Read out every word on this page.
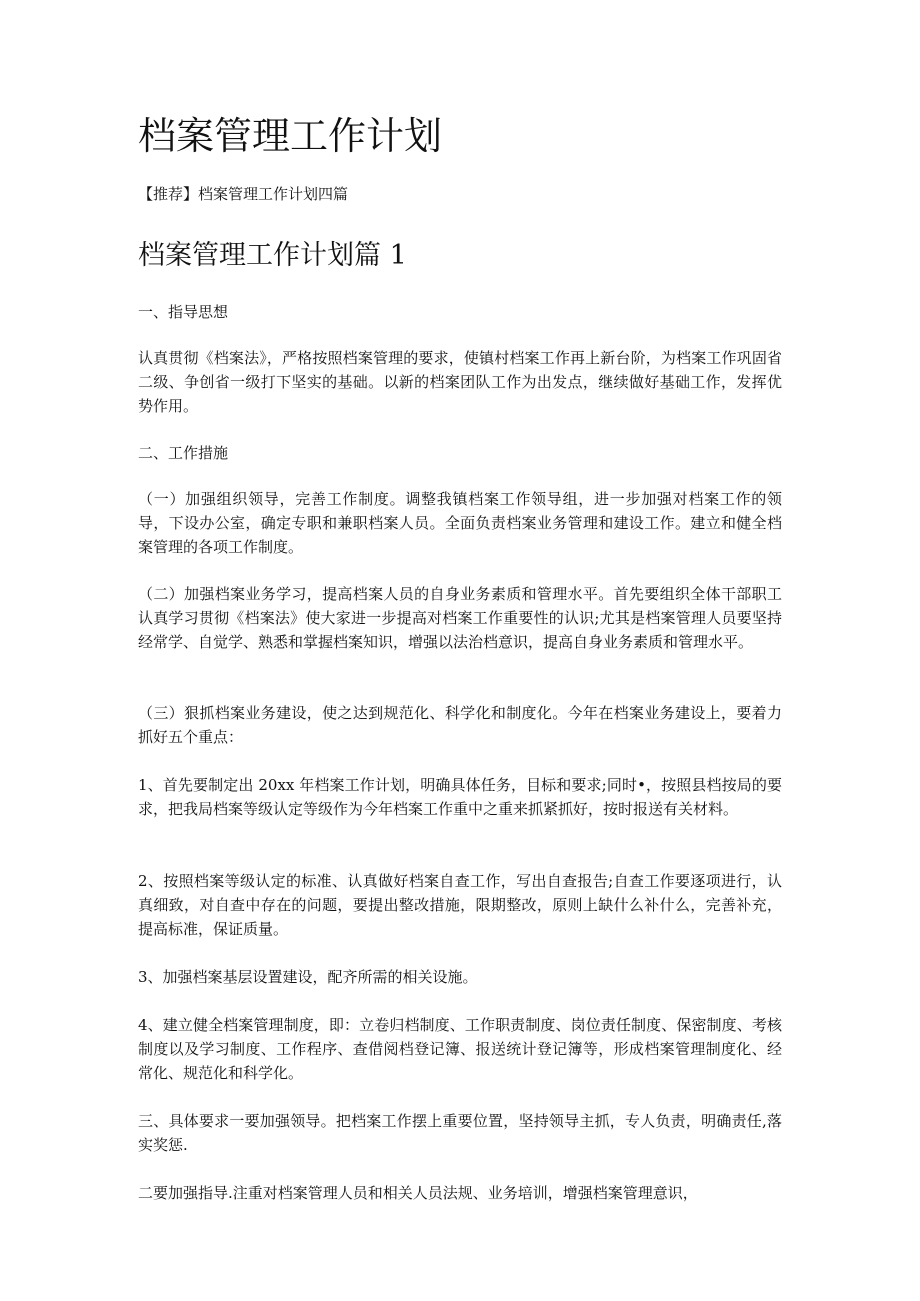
档案管理工作计划

【推荐】档案管理工作计划四篇

档案管理工作计划篇 1

一、指导思想

认真贯彻《档案法》，严格按照档案管理的要求，使镇村档案工作再上新台阶，为档案工作巩固省二级、争创省一级打下坚实的基础。以新的档案团队工作为出发点，继续做好基础工作，发挥优势作用。

二、工作措施

（一）加强组织领导，完善工作制度。调整我镇档案工作领导组，进一步加强对档案工作的领导，下设办公室，确定专职和兼职档案人员。全面负责档案业务管理和建设工作。建立和健全档案管理的各项工作制度。

（二）加强档案业务学习，提高档案人员的自身业务素质和管理水平。首先要组织全体干部职工认真学习贯彻《档案法》使大家进一步提高对档案工作重要性的认识;尤其是档案管理人员要坚持经常学、自觉学、熟悉和掌握档案知识，增强以法治档意识，提高自身业务素质和管理水平。

（三）狠抓档案业务建设，使之达到规范化、科学化和制度化。今年在档案业务建设上，要着力抓好五个重点：

1、首先要制定出 20xx 年档案工作计划，明确具体任务，目标和要求;同时•，按照县档按局的要求，把我局档案等级认定等级作为今年档案工作重中之重来抓紧抓好，按时报送有关材料。

2、按照档案等级认定的标准、认真做好档案自查工作，写出自查报告;自查工作要逐项进行，认真细致，对自查中存在的问题，要提出整改措施，限期整改，原则上缺什么补什么，完善补充，提高标准，保证质量。

3、加强档案基层设置建设，配齐所需的相关设施。

4、建立健全档案管理制度，即：立卷归档制度、工作职责制度、岗位责任制度、保密制度、考核制度以及学习制度、工作程序、查借阅档登记簿、报送统计登记簿等，形成档案管理制度化、经常化、规范化和科学化。

三、具体要求一要加强领导。把档案工作摆上重要位置，坚持领导主抓，专人负责，明确责任,落实奖惩.

二要加强指导.注重对档案管理人员和相关人员法规、业务培训，增强档案管理意识，
